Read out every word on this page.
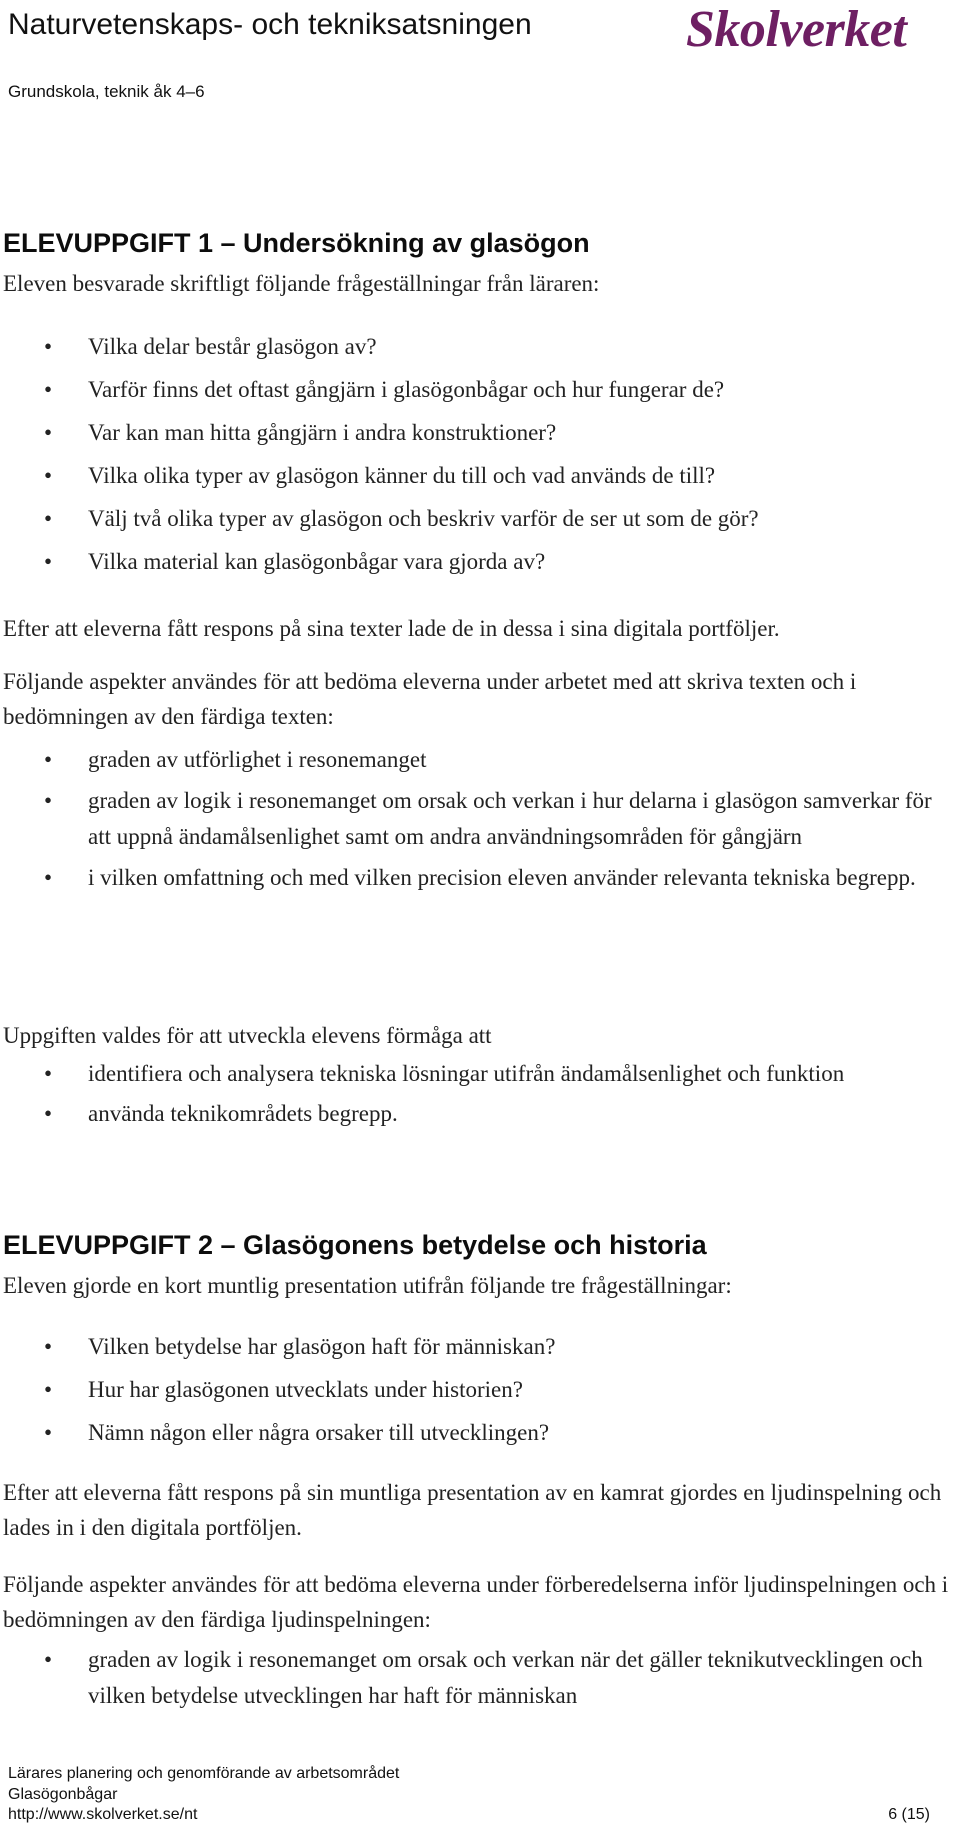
Naturvetenskaps- och tekniksatsningen
Grundskola, teknik åk 4–6
Skolverket
ELEVUPPGIFT 1 – Undersökning av glasögon
Eleven besvarade skriftligt följande frågeställningar från läraren:
• Vilka delar består glasögon av?
• Varför finns det oftast gångjärn i glasögonbågar och hur fungerar de?
• Var kan man hitta gångjärn i andra konstruktioner?
• Vilka olika typer av glasögon känner du till och vad används de till?
• Välj två olika typer av glasögon och beskriv varför de ser ut som de gör?
• Vilka material kan glasögonbågar vara gjorda av?
Efter att eleverna fått respons på sina texter lade de in dessa i sina digitala portföljer.
Följande aspekter användes för att bedöma eleverna under arbetet med att skriva texten och i bedömningen av den färdiga texten:
• graden av utförlighet i resonemanget
• graden av logik i resonemanget om orsak och verkan i hur delarna i glasögon samverkar för att uppnå ändamålsenlighet samt om andra användningsområden för gångjärn
• i vilken omfattning och med vilken precision eleven använder relevanta tekniska begrepp.
Uppgiften valdes för att utveckla elevens förmåga att
• identifiera och analysera tekniska lösningar utifrån ändamålsenlighet och funktion
• använda teknikområdets begrepp.
ELEVUPPGIFT 2 – Glasögonens betydelse och historia
Eleven gjorde en kort muntlig presentation utifrån följande tre frågeställningar:
• Vilken betydelse har glasögon haft för människan?
• Hur har glasögonen utvecklats under historien?
• Nämn någon eller några orsaker till utvecklingen?
Efter att eleverna fått respons på sin muntliga presentation av en kamrat gjordes en ljudinspelning och lades in i den digitala portföljen.
Följande aspekter användes för att bedöma eleverna under förberedelserna inför ljudinspelningen och i bedömningen av den färdiga ljudinspelningen:
• graden av logik i resonemanget om orsak och verkan när det gäller teknikutvecklingen och vilken betydelse utvecklingen har haft för människan
Lärares planering och genomförande av arbetsområdet
Glasögonbågar
http://www.skolverket.se/nt	6 (15)
